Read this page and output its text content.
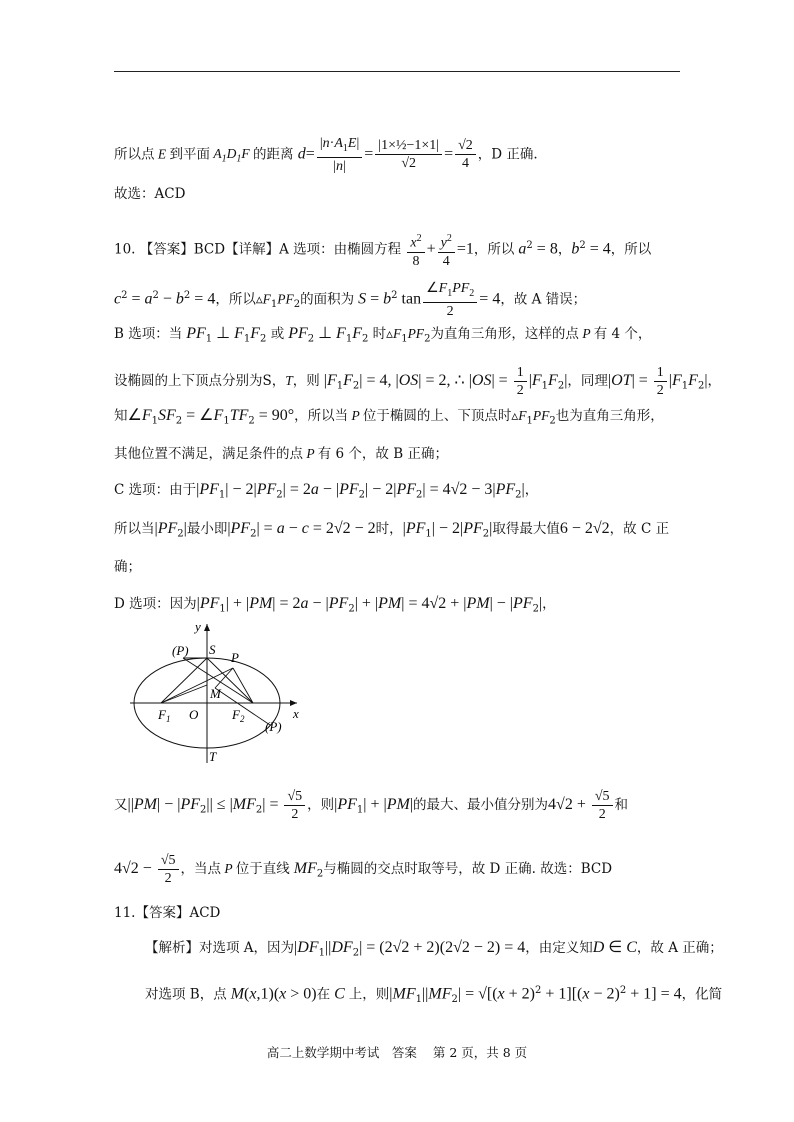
所以点 E 到平面 $A_1D_1F$ 的距离 $d= \frac{|n\cdot A_1E|}{|n|} = \frac{\text{|1×½−1×1|}}{√2} = \frac{√2}{4}$ ，D 正确.
故选：ACD
10. 【答案】BCD【详解】A 选项：由椭圆方程 $\frac{x^2}{8} + \frac{y^2}{4} =1$，所以 $a^2 = 8$，$b^2 = 4$，所以
$c^2 = a^2 - b^2 = 4$，所以$▵F_1PF_2$的面积为 $S = b^2$ $\tan \frac{\angle F_1PF_2}{2} = 4$，故 A 错误；
B 选项：当 $PF_1$ ⊥ $F_1F_2$ 或 $PF_2$ ⊥ $F_1F_2$ 时$▵F_1PF_2$为直角三角形，这样的点 P 有 4 个，
设椭圆的上下顶点分别为S，T，则 $|F_1F_2| = 4$, |OS| = 2, ∴ $|OS| = \frac{1}{2} |F_1F_2|$，同理$|OT| = \frac{1}{2} |F_1F_2|$，
知$\angle F_1SF_2$ = $\angle F_1TF_2 = 90^\circ$，所以当 P 位于椭圆的上、下顶点时$▵F_1PF_2$也为直角三角形，
其他位置不满足，满足条件的点 P 有 6 个，故 B 正确；
C 选项：由于$|PF_1| - 2|PF_2| = 2a - |PF_2| - 2|PF_2| = 4√2 - 3|PF_2|$，
所以当$|PF_2|$最小即$|PF_2| = a - c = 2√2 - 2$时，$|PF_1| - 2|PF_2|$取得最大值6 − 2√2，故 C 正
确；
D 选项：因为$|PF_1| + |PM| = 2a - |PF_2| + |PM| = 4√2 + |PM| - |PF_2|$，
y
x
S
P
(P)
(P)
M
$F_1$ O	$F_2$
T
又$||PM| - |PF_2|| \le |MF_2| = \frac{√5}{2}$ ，则$|PF_1| + |PM|$的最大、最小值分别为$4√2 + \frac{√5}{2}$ 和
$4√2 - \frac{√5}{2}$ ，当点 P 位于直线 $MF_2$与椭圆的交点时取等号，故 D 正确. 故选：BCD
11.【答案】ACD
【解析】对选项 A，因为$|DF_1||DF_2| = (2√2 + 2)(2√2 - 2) = 4$，由定义知D ∈ C，故 A 正确；
对选项 B，点 M(x,1)(x > 0)在 C 上，则$|MF_1||MF_2| = √[(x + 2)^2 + 1][(x - 2)^2 + 1] = 4$，化简
高二上数学期中考试　答案 第 2 页，共 8 页
